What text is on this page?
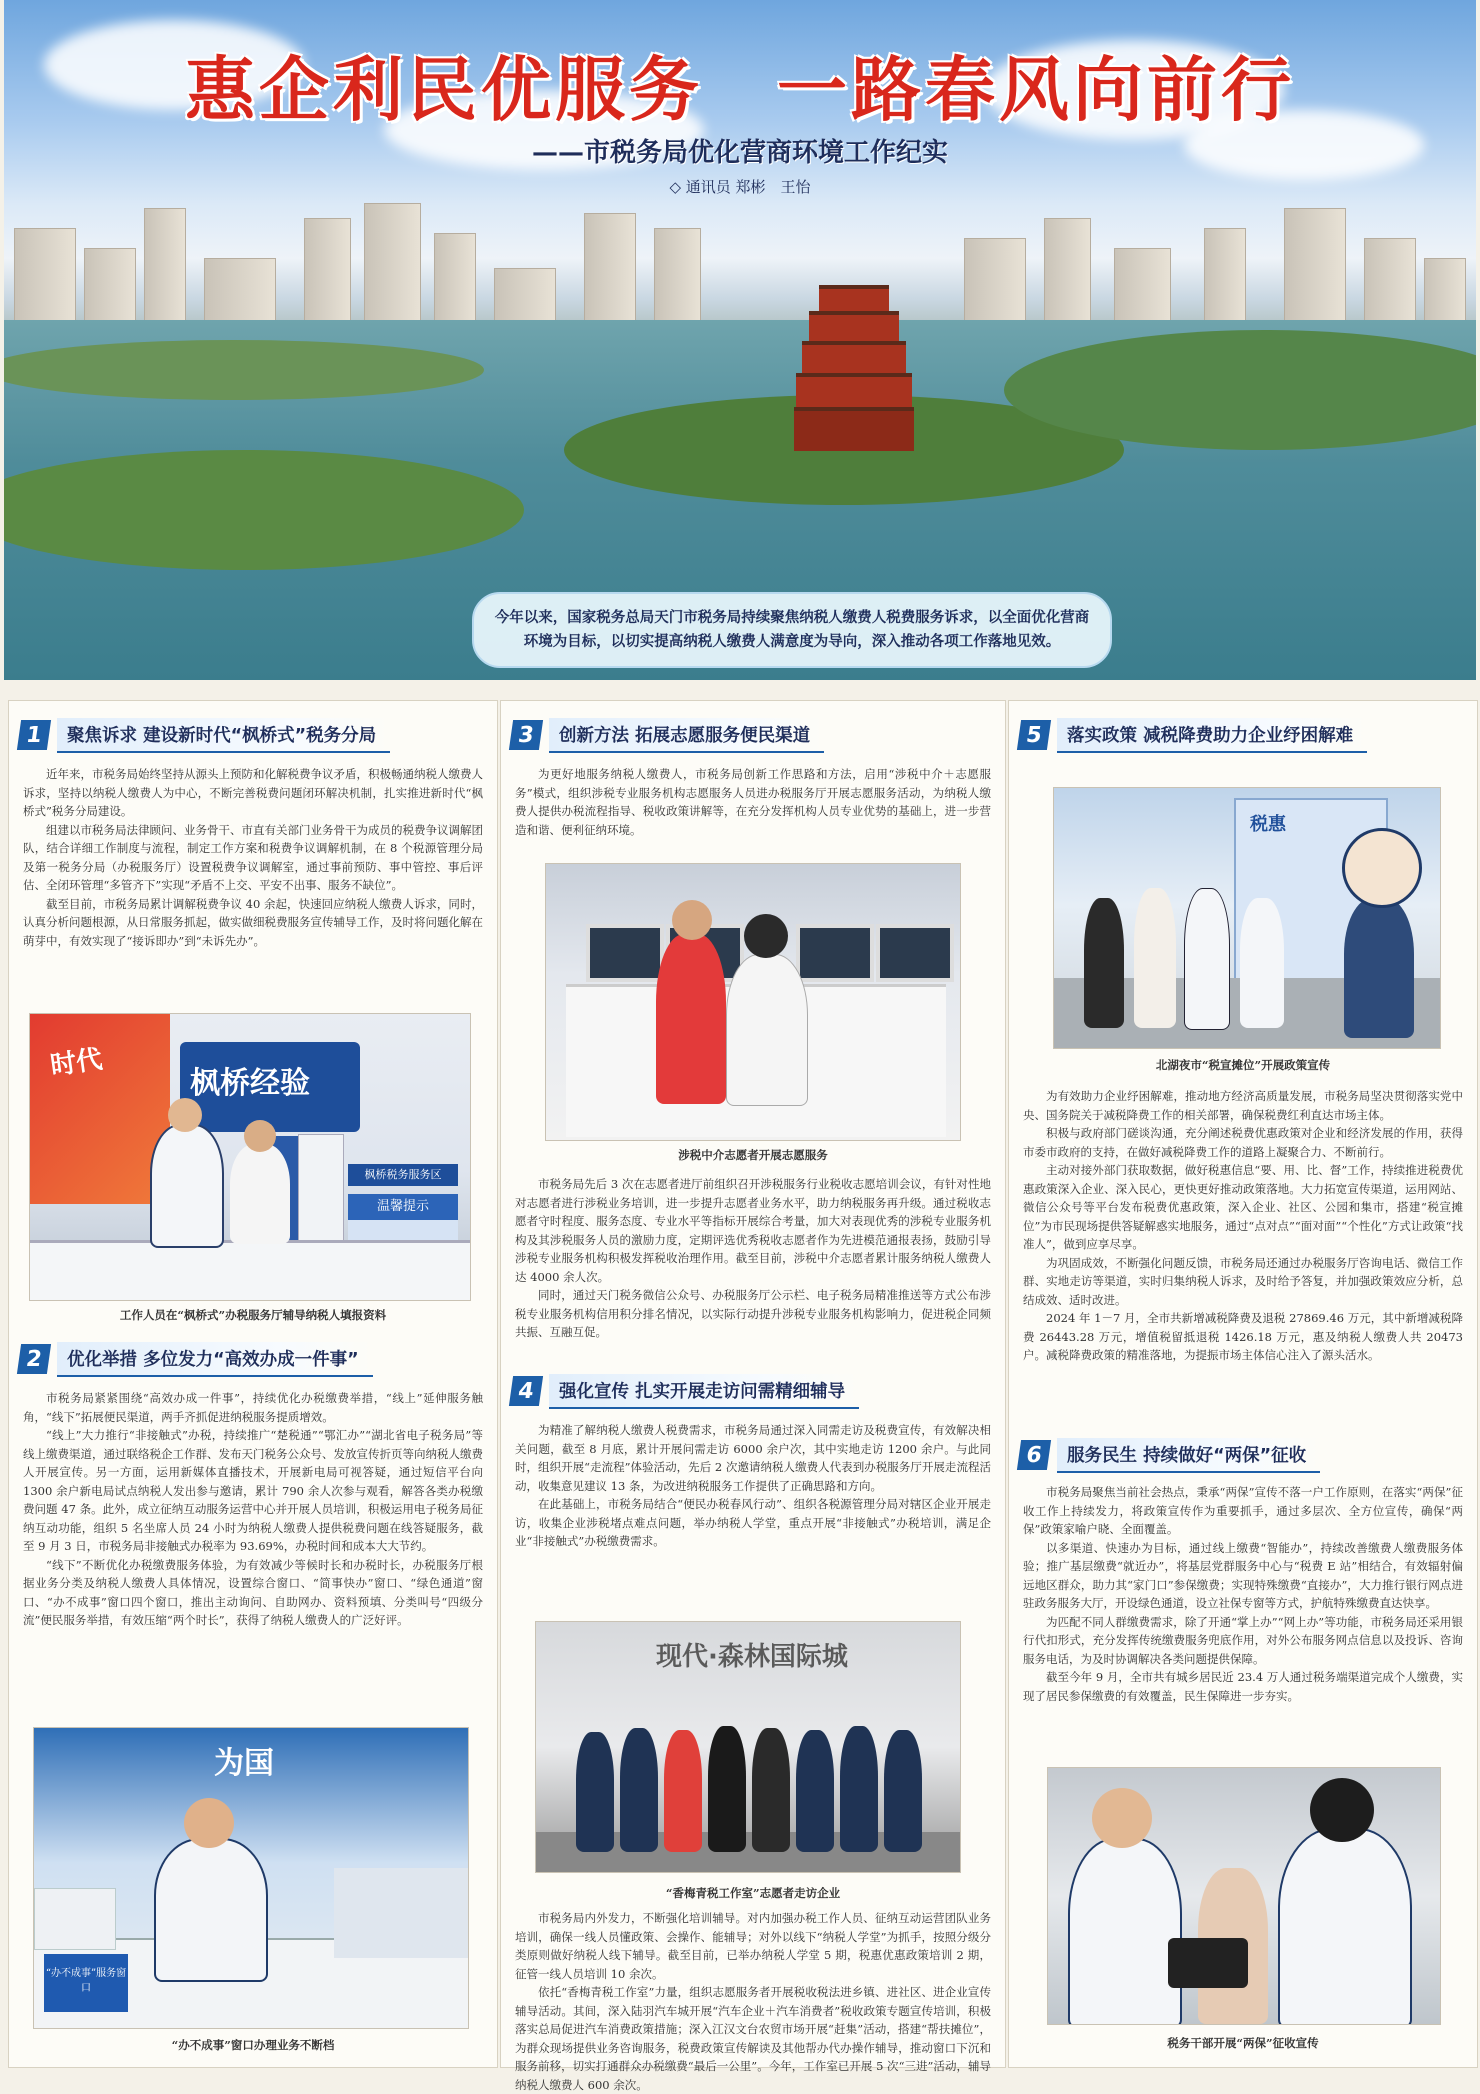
惠企利民优服务　一路春风向前行
——市税务局优化营商环境工作纪实
◇ 通讯员 郑彬　王怡
今年以来，国家税务总局天门市税务局持续聚焦纳税人缴费人税费服务诉求，以全面优化营商环境为目标，以切实提高纳税人缴费人满意度为导向，深入推动各项工作落地见效。
1	聚焦诉求 建设新时代“枫桥式”税务分局

近年来，市税务局始终坚持从源头上预防和化解税费争议矛盾，积极畅通纳税人缴费人诉求，坚持以纳税人缴费人为中心，不断完善税费问题闭环解决机制，扎实推进新时代“枫桥式”税务分局建设。

组建以市税务局法律顾问、业务骨干、市直有关部门业务骨干为成员的税费争议调解团队，结合详细工作制度与流程，制定工作方案和税费争议调解机制，在 8 个税源管理分局及第一税务分局（办税服务厅）设置税费争议调解室，通过事前预防、事中管控、事后评估、全闭环管理“多管齐下”实现“矛盾不上交、平安不出事、服务不缺位”。

截至目前，市税务局累计调解税费争议 40 余起，快速回应纳税人缴费人诉求，同时，认真分析问题根源，从日常服务抓起，做实做细税费服务宣传辅导工作，及时将问题化解在萌芽中，有效实现了“接诉即办”到“未诉先办”。

时代
枫桥经验
枫桥税务服务区
温馨提示
工作人员在“枫桥式”办税服务厅辅导纳税人填报资料
2	优化举措 多位发力“高效办成一件事”

市税务局紧紧围绕“高效办成一件事”，持续优化办税缴费举措，“线上”延伸服务触角，“线下”拓展便民渠道，两手齐抓促进纳税服务提质增效。

“线上”大力推行“非接触式”办税，持续推广“楚税通”“鄂汇办”“湖北省电子税务局”等线上缴费渠道，通过联络税企工作群、发布天门税务公众号、发放宣传折页等向纳税人缴费人开展宣传。另一方面，运用新媒体直播技术，开展新电局可视答疑，通过短信平台向 1300 余户新电局试点纳税人发出参与邀请，累计 790 余人次参与观看，解答各类办税缴费问题 47 条。此外，成立征纳互动服务运营中心并开展人员培训，积极运用电子税务局征纳互动功能，组织 5 名坐席人员 24 小时为纳税人缴费人提供税费问题在线答疑服务，截至 9 月 3 日，市税务局非接触式办税率为 93.69%，办税时间和成本大大节约。

“线下”不断优化办税缴费服务体验，为有效减少等候时长和办税时长，办税服务厅根据业务分类及纳税人缴费人具体情况，设置综合窗口、“简事快办”窗口、“绿色通道”窗口、“办不成事”窗口四个窗口，推出主动询问、自助网办、资料预填、分类叫号“四级分流”便民服务举措，有效压缩“两个时长”，获得了纳税人缴费人的广泛好评。

为国
“办不成事”服务窗口
“办不成事”窗口办理业务不断档
3	创新方法 拓展志愿服务便民渠道

为更好地服务纳税人缴费人，市税务局创新工作思路和方法，启用“涉税中介＋志愿服务”模式，组织涉税专业服务机构志愿服务人员进办税服务厅开展志愿服务活动，为纳税人缴费人提供办税流程指导、税收政策讲解等，在充分发挥机构人员专业优势的基础上，进一步营造和谐、便利征纳环境。

涉税中介志愿者开展志愿服务

市税务局先后 3 次在志愿者进厅前组织召开涉税服务行业税收志愿培训会议，有针对性地对志愿者进行涉税业务培训，进一步提升志愿者业务水平，助力纳税服务再升级。通过税收志愿者守时程度、服务态度、专业水平等指标开展综合考量，加大对表现优秀的涉税专业服务机构及其涉税服务人员的激励力度，定期评选优秀税收志愿者作为先进模范通报表扬，鼓励引导涉税专业服务机构积极发挥税收治理作用。截至目前，涉税中介志愿者累计服务纳税人缴费人达 4000 余人次。

同时，通过天门税务微信公众号、办税服务厅公示栏、电子税务局精准推送等方式公布涉税专业服务机构信用积分排名情况，以实际行动提升涉税专业服务机构影响力，促进税企同频共振、互融互促。

4	强化宣传 扎实开展走访问需精细辅导

为精准了解纳税人缴费人税费需求，市税务局通过深入同需走访及税费宣传，有效解决相关问题，截至 8 月底，累计开展问需走访 6000 余户次，其中实地走访 1200 余户。与此同时，组织开展“走流程”体验活动，先后 2 次邀请纳税人缴费人代表到办税服务厅开展走流程活动，收集意见建议 13 条，为改进纳税服务工作提供了正确思路和方向。

在此基础上，市税务局结合“便民办税春风行动”、组织各税源管理分局对辖区企业开展走访，收集企业涉税堵点难点问题，举办纳税人学堂，重点开展“非接触式”办税培训，满足企业“非接触式”办税缴费需求。

现代·森林国际城
“香梅青税工作室”志愿者走访企业

市税务局内外发力，不断强化培训辅导。对内加强办税工作人员、征纳互动运营团队业务培训，确保一线人员懂政策、会操作、能辅导；对外以线下“纳税人学堂”为抓手，按照分级分类原则做好纳税人线下辅导。截至目前，已举办纳税人学堂 5 期，税惠优惠政策培训 2 期，征管一线人员培训 10 余次。

依托“香梅青税工作室”力量，组织志愿服务者开展税收税法进乡镇、进社区、进企业宣传辅导活动。其间，深入陆羽汽车城开展“汽车企业＋汽车消费者”税收政策专题宣传培训，积极落实总局促进汽车消费政策措施；深入江汉文台农贸市场开展“赶集”活动，搭建“帮扶摊位”，为群众现场提供业务咨询服务，税费政策宣传解读及其他帮办代办操作辅导，推动窗口下沉和服务前移，切实打通群众办税缴费“最后一公里”。今年，工作室已开展 5 次“三进”活动，辅导纳税人缴费人 600 余次。

5	落实政策 减税降费助力企业纾困解难
税惠
北湖夜市“税宣摊位”开展政策宣传

为有效助力企业纾困解难，推动地方经济高质量发展，市税务局坚决贯彻落实党中央、国务院关于减税降费工作的相关部署，确保税费红利直达市场主体。

积极与政府部门磋谈沟通，充分阐述税费优惠政策对企业和经济发展的作用，获得市委市政府的支持，在做好减税降费工作的道路上凝聚合力、不断前行。

主动对接外部门获取数据，做好税惠信息“要、用、比、督”工作，持续推进税费优惠政策深入企业、深入民心，更快更好推动政策落地。大力拓宽宣传渠道，运用网站、微信公众号等平台发布税费优惠政策，深入企业、社区、公园和集市，搭建“税宣摊位”为市民现场提供答疑解惑实地服务，通过“点对点”“面对面”“个性化”方式让政策“找准人”，做到应享尽享。

为巩固成效，不断强化问题反馈，市税务局还通过办税服务厅咨询电话、微信工作群、实地走访等渠道，实时归集纳税人诉求，及时给予答复，并加强政策效应分析，总结成效、适时改进。

2024 年 1－7 月，全市共新增减税降费及退税 27869.46 万元，其中新增减税降费 26443.28 万元，增值税留抵退税 1426.18 万元，惠及纳税人缴费人共 20473 户。减税降费政策的精准落地，为提振市场主体信心注入了源头活水。

6	服务民生 持续做好“两保”征收

市税务局聚焦当前社会热点，秉承“两保”宣传不落一户工作原则，在落实“两保”征收工作上持续发力，将政策宣传作为重要抓手，通过多层次、全方位宣传，确保“两保”政策家喻户晓、全面覆盖。

以多渠道、快速办为目标，通过线上缴费“智能办”，持续改善缴费人缴费服务体验；推广基层缴费“就近办”，将基层党群服务中心与“税费 E 站”相结合，有效辐射偏远地区群众，助力其“家门口”参保缴费；实现特殊缴费“直接办”，大力推行银行网点进驻政务服务大厅，开设绿色通道，设立社保专窗等方式，护航特殊缴费直达快享。

为匹配不同人群缴费需求，除了开通“掌上办”“网上办”等功能，市税务局还采用银行代扣形式，充分发挥传统缴费服务兜底作用，对外公布服务网点信息以及投诉、咨询服务电话，为及时协调解决各类问题提供保障。

截至今年 9 月，全市共有城乡居民近 23.4 万人通过税务端渠道完成个人缴费，实现了居民参保缴费的有效覆盖，民生保障进一步夯实。

税务干部开展“两保”征收宣传
